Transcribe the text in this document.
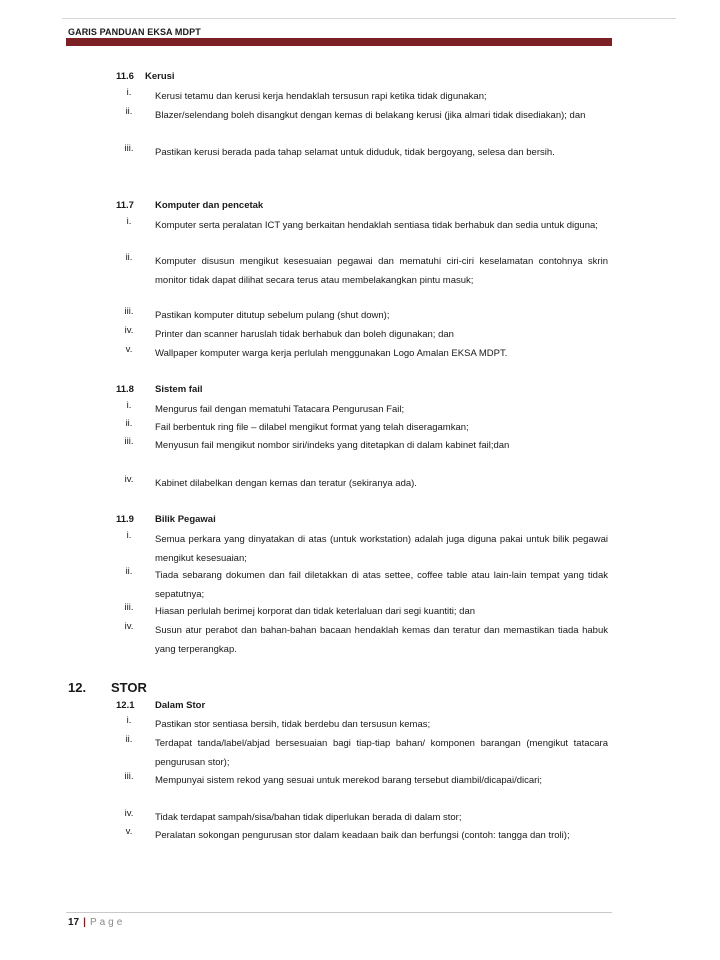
GARIS PANDUAN EKSA MDPT
11.6 Kerusi
i.	Kerusi tetamu dan kerusi kerja hendaklah tersusun rapi ketika tidak digunakan;
ii.	Blazer/selendang boleh disangkut dengan kemas di belakang kerusi (jika almari tidak disediakan); dan
iii.	Pastikan kerusi berada pada tahap selamat untuk diduduk, tidak bergoyang, selesa dan bersih.
11.7 Komputer dan pencetak
i.	Komputer serta peralatan ICT yang berkaitan hendaklah sentiasa tidak berhabuk dan sedia untuk diguna;
ii.	Komputer disusun mengikut kesesuaian pegawai dan mematuhi ciri-ciri keselamatan contohnya skrin monitor tidak dapat dilihat secara terus atau membelakangkan pintu masuk;
iii.	Pastikan komputer ditutup sebelum pulang (shut down);
iv.	Printer dan scanner haruslah tidak berhabuk dan boleh digunakan; dan
v.	Wallpaper komputer warga kerja perlulah menggunakan Logo Amalan EKSA MDPT.
11.8 Sistem fail
i.	Mengurus fail dengan mematuhi Tatacara Pengurusan Fail;
ii.	Fail berbentuk ring file – dilabel mengikut format yang telah diseragamkan;
iii.	Menyusun fail mengikut nombor siri/indeks yang ditetapkan di dalam kabinet fail;dan
iv.	Kabinet dilabelkan dengan kemas dan teratur (sekiranya ada).
11.9 Bilik Pegawai
i.	Semua perkara yang dinyatakan di atas (untuk workstation) adalah juga diguna pakai untuk bilik pegawai mengikut kesesuaian;
ii.	Tiada sebarang dokumen dan fail diletakkan di atas settee, coffee table atau lain-lain tempat yang tidak sepatutnya;
iii.	Hiasan perlulah berimej korporat dan tidak keterlaluan dari segi kuantiti; dan
iv.	Susun atur perabot dan bahan-bahan bacaan hendaklah kemas dan teratur dan memastikan tiada habuk yang terperangkap.
12. STOR
12.1 Dalam Stor
i.	Pastikan stor sentiasa bersih, tidak berdebu dan tersusun kemas;
ii.	Terdapat tanda/label/abjad bersesuaian bagi tiap-tiap bahan/ komponen barangan (mengikut tatacara pengurusan stor);
iii.	Mempunyai sistem rekod yang sesuai untuk merekod barang tersebut diambil/dicapai/dicari;
iv.	Tidak terdapat sampah/sisa/bahan tidak diperlukan berada di dalam stor;
v.	Peralatan sokongan pengurusan stor dalam keadaan baik dan berfungsi (contoh: tangga dan troli);
17 | Page
